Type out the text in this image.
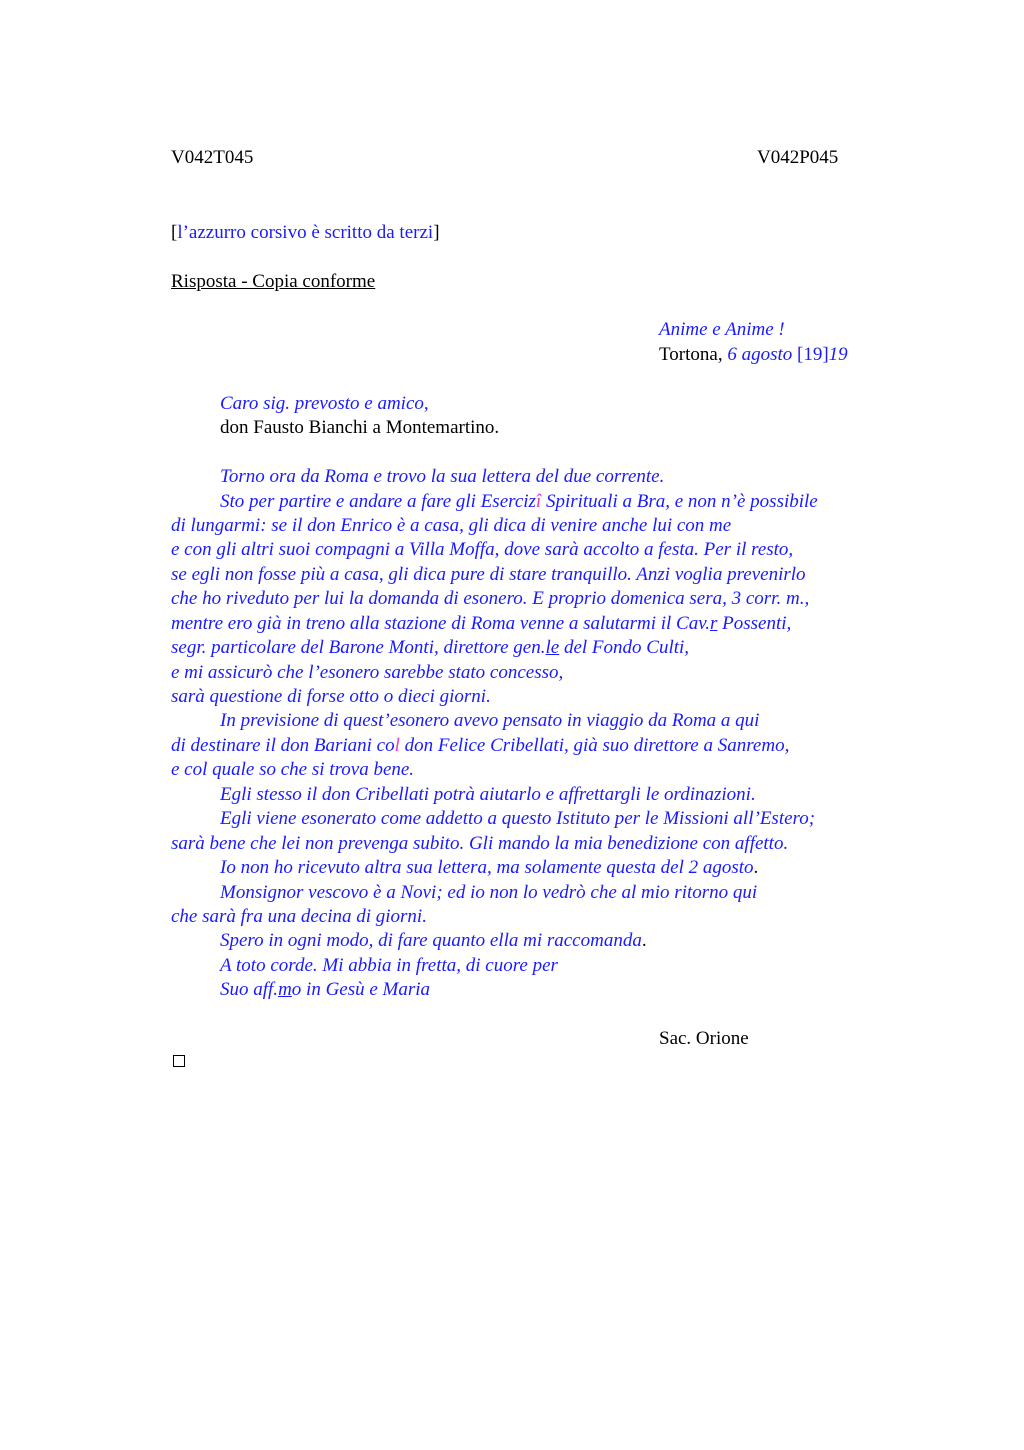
V042T045	V042P045
[l’azzurro corsivo è scritto da terzi]
Risposta - Copia conforme
Anime e Anime !
Tortona, 6 agosto [19]19
Caro sig. prevosto e amico,
don Fausto Bianchi a Montemartino.
Torno ora da Roma e trovo la sua lettera del due corrente.
Sto per partire e andare a fare gli Esercizî Spirituali a Bra, e non n’è possibile
di lungarmi: se il don Enrico è a casa, gli dica di venire anche lui con me
e con gli altri suoi compagni a Villa Moffa, dove sarà accolto a festa. Per il resto,
se egli non fosse più a casa, gli dica pure di stare tranquillo. Anzi voglia prevenirlo
che ho riveduto per lui la domanda di esonero. E proprio domenica sera, 3 corr. m.,
mentre ero già in treno alla stazione di Roma venne a salutarmi il Cav.r Possenti,
segr. particolare del Barone Monti, direttore gen.le del Fondo Culti,
e mi assicurò che l’esonero sarebbe stato concesso,
sarà questione di forse otto o dieci giorni.
In previsione di quest’esonero avevo pensato in viaggio da Roma a qui
di destinare il don Bariani col don Felice Cribellati, già suo direttore a Sanremo,
e col quale so che si trova bene.
Egli stesso il don Cribellati potrà aiutarlo e affrettargli le ordinazioni.
Egli viene esonerato come addetto a questo Istituto per le Missioni all’Estero;
sarà bene che lei non prevenga subito. Gli mando la mia benedizione con affetto.
Io non ho ricevuto altra sua lettera, ma solamente questa del 2 agosto.
Monsignor vescovo è a Novi; ed io non lo vedrò che al mio ritorno qui
che sarà fra una decina di giorni.
Spero in ogni modo, di fare quanto ella mi raccomanda.
A toto corde. Mi abbia in fretta, di cuore per
Suo aff.mo in Gesù e Maria
Sac. Orione
